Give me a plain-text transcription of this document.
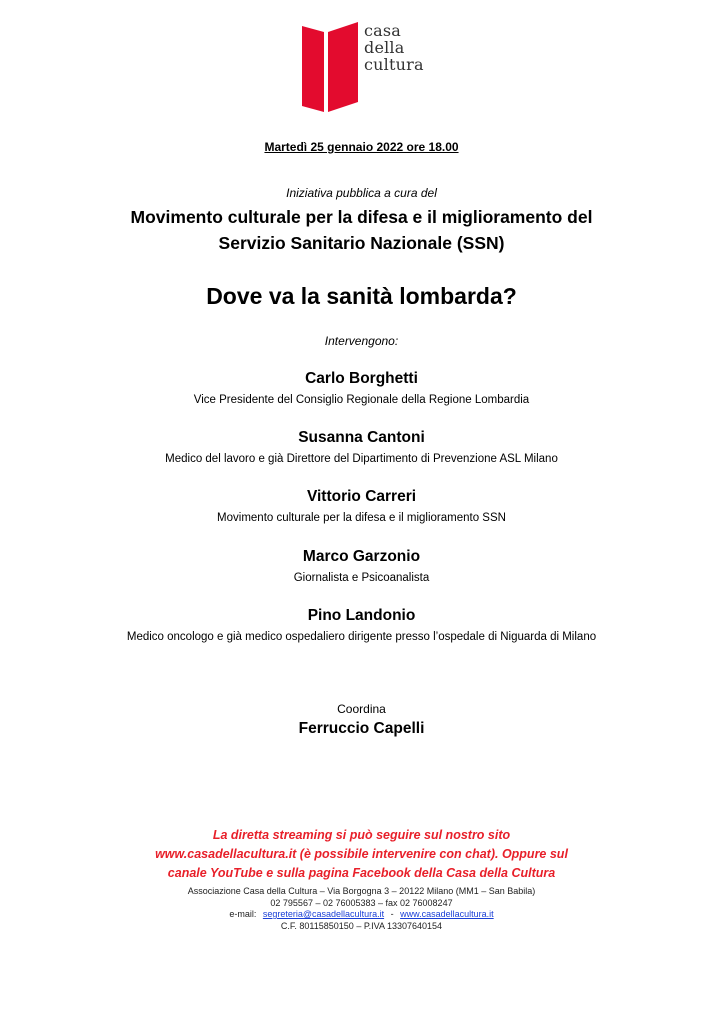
casa
della
cultura
Martedì 25 gennaio 2022 ore 18.00
Iniziativa pubblica a cura del
Movimento culturale per la difesa e il miglioramento del
Servizio Sanitario Nazionale (SSN)
Dove va la sanità lombarda?
Intervengono:
Carlo Borghetti
Vice Presidente del Consiglio Regionale della Regione Lombardia
Susanna Cantoni
Medico del lavoro e già Direttore del Dipartimento di Prevenzione ASL Milano
Vittorio Carreri
Movimento culturale per la difesa e il miglioramento SSN
Marco Garzonio
Giornalista e Psicoanalista
Pino Landonio
Medico oncologo e già medico ospedaliero dirigente presso l’ospedale di Niguarda di Milano
Coordina
Ferruccio Capelli
La diretta streaming si può seguire sul nostro sito
www.casadellacultura.it (è possibile intervenire con chat). Oppure sul
canale YouTube e sulla pagina Facebook della Casa della Cultura
Associazione Casa della Cultura – Via Borgogna 3 – 20122 Milano (MM1 – San Babila)
02 795567 – 02 76005383 – fax 02 76008247
e-mail: segreteria@casadellacultura.it - www.casadellacultura.it
C.F. 80115850150 – P.IVA 13307640154
